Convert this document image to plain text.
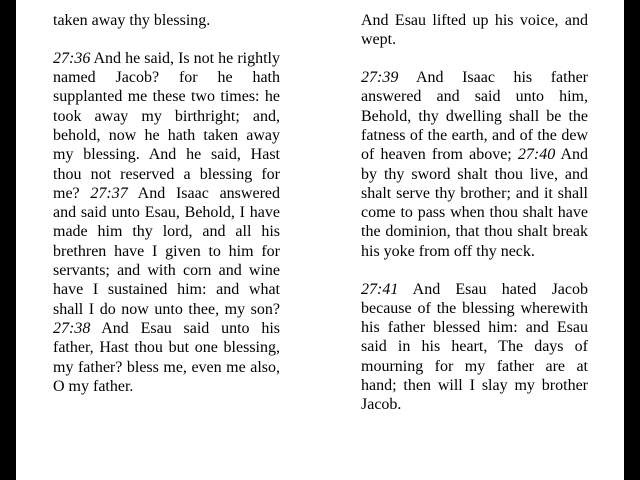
taken away thy blessing.

27:36 And he said, Is not he rightly named Jacob? for he hath supplanted me these two times: he took away my birthright; and, behold, now he hath taken away my blessing. And he said, Hast thou not reserved a blessing for me? 27:37 And Isaac answered and said unto Esau, Behold, I have made him thy lord, and all his brethren have I given to him for servants; and with corn and wine have I sustained him: and what shall I do now unto thee, my son? 27:38 And Esau said unto his father, Hast thou but one blessing, my father? bless me, even me also, O my father.

And Esau lifted up his voice, and wept.

27:39 And Isaac his father answered and said unto him, Behold, thy dwelling shall be the fatness of the earth, and of the dew of heaven from above; 27:40 And by thy sword shalt thou live, and shalt serve thy brother; and it shall come to pass when thou shalt have the dominion, that thou shalt break his yoke from off thy neck.

27:41 And Esau hated Jacob because of the blessing wherewith his father blessed him: and Esau said in his heart, The days of mourning for my father are at hand; then will I slay my brother Jacob.
